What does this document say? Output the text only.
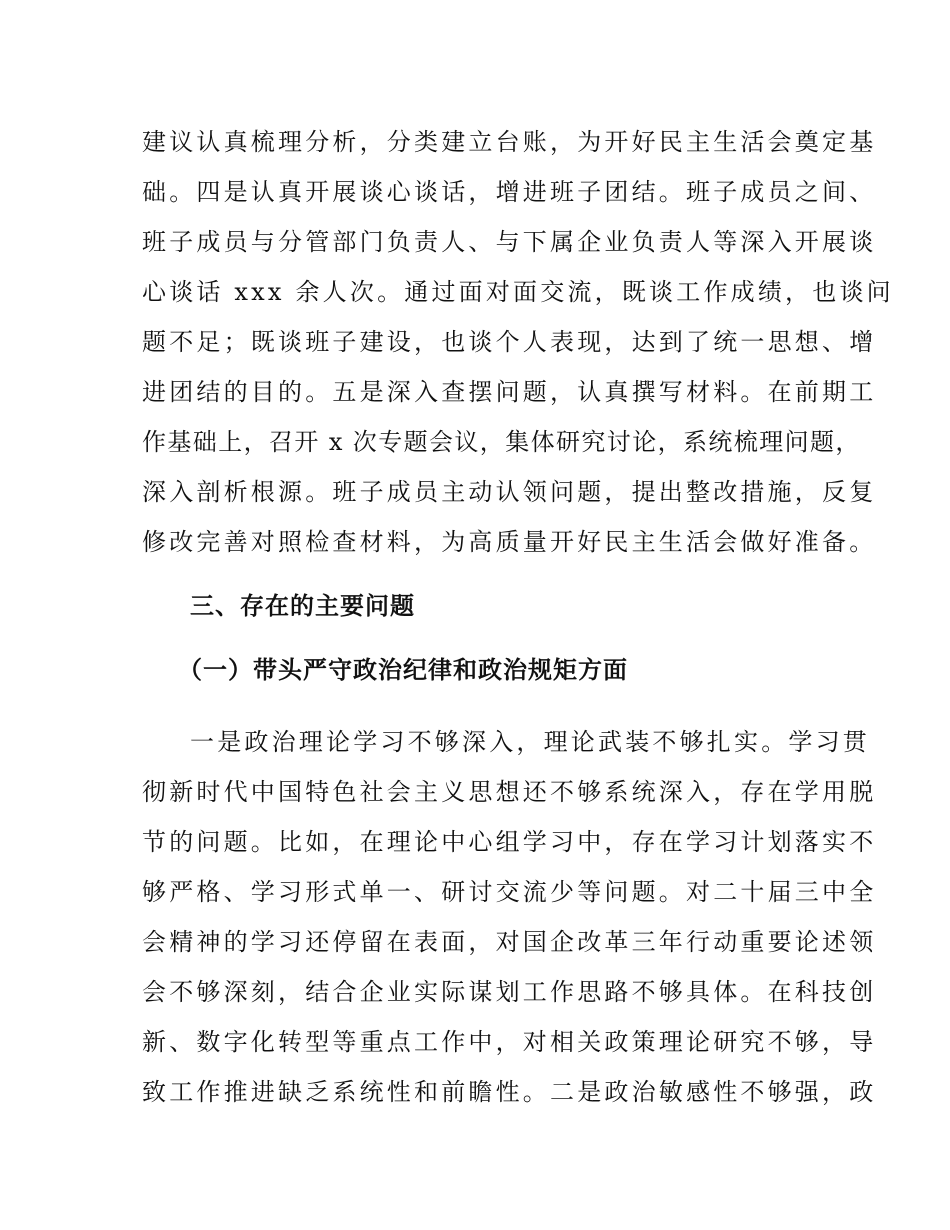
建议认真梳理分析，分类建立台账，为开好民主生活会奠定基
础。四是认真开展谈心谈话，增进班子团结。班子成员之间、
班子成员与分管部门负责人、与下属企业负责人等深入开展谈
心谈话 xxx 余人次。通过面对面交流，既谈工作成绩，也谈问
题不足；既谈班子建设，也谈个人表现，达到了统一思想、增
进团结的目的。五是深入查摆问题，认真撰写材料。在前期工
作基础上，召开 x 次专题会议，集体研究讨论，系统梳理问题，
深入剖析根源。班子成员主动认领问题，提出整改措施，反复
修改完善对照检查材料，为高质量开好民主生活会做好准备。
三、存在的主要问题
（一）带头严守政治纪律和政治规矩方面
一是政治理论学习不够深入，理论武装不够扎实。学习贯
彻新时代中国特色社会主义思想还不够系统深入，存在学用脱
节的问题。比如，在理论中心组学习中，存在学习计划落实不
够严格、学习形式单一、研讨交流少等问题。对二十届三中全
会精神的学习还停留在表面，对国企改革三年行动重要论述领
会不够深刻，结合企业实际谋划工作思路不够具体。在科技创
新、数字化转型等重点工作中，对相关政策理论研究不够，导
致工作推进缺乏系统性和前瞻性。二是政治敏感性不够强，政
